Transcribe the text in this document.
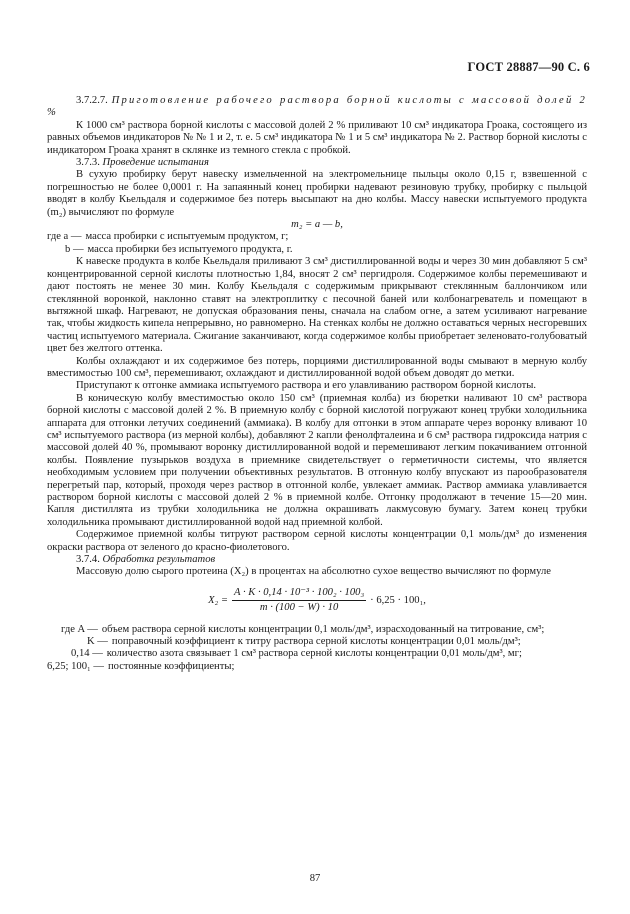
ГОСТ 28887—90 С. 6

3.7.2.7. Приготовление рабочего раствора борной кислоты с массовой долей 2 %

К 1000 см³ раствора борной кислоты с массовой долей 2 % приливают 10 см³ индикатора Гроака, состоящего из равных объемов индикаторов № № 1 и 2, т. е. 5 см³ индикатора № 1 и 5 см³ индикатора № 2. Раствор борной кислоты с индикатором Гроака хранят в склянке из темного стекла с пробкой.

3.7.3. Проведение испытания

В сухую пробирку берут навеску измельченной на электромельнице пыльцы около 0,15 г, взвешенной с погрешностью не более 0,0001 г. На запаянный конец пробирки надевают резиновую трубку, пробирку с пыльцой вводят в колбу Кьельдаля и содержимое без потерь высыпают на дно колбы. Массу навески испытуемого продукта (m₂) вычисляют по формуле

m₂ = a — b,

где a — масса пробирки с испытуемым продуктом, г;
b — масса пробирки без испытуемого продукта, г.

К навеске продукта в колбе Кьельдаля приливают 3 см³ дистиллированной воды и через 30 мин добавляют 5 см³ концентрированной серной кислоты плотностью 1,84, вносят 2 см³ пергидроля. Содержимое колбы перемешивают и дают постоять не менее 30 мин. Колбу Кьельдаля с содержимым прикрывают стеклянным баллончиком или стеклянной воронкой, наклонно ставят на электроплитку с песочной баней или колбонагреватель и помещают в вытяжной шкаф. Нагревают, не допуская образования пены, сначала на слабом огне, а затем усиливают нагревание так, чтобы жидкость кипела непрерывно, но равномерно. На стенках колбы не должно оставаться черных несгоревших частиц испытуемого материала. Сжигание заканчивают, когда содержимое колбы приобретает зеленовато-голубоватый цвет без желтого оттенка.

Колбы охлаждают и их содержимое без потерь, порциями дистиллированной воды смывают в мерную колбу вместимостью 100 см³, перемешивают, охлаждают и дистиллированной водой объем доводят до метки.

Приступают к отгонке аммиака испытуемого раствора и его улавливанию раствором борной кислоты.

В коническую колбу вместимостью около 150 см³ (приемная колба) из бюретки наливают 10 см³ раствора борной кислоты с массовой долей 2 %. В приемную колбу с борной кислотой погружают конец трубки холодильника аппарата для отгонки летучих соединений (аммиака). В колбу для отгонки в этом аппарате через воронку вливают 10 см³ испытуемого раствора (из мерной колбы), добавляют 2 капли фенолфталеина и 6 см³ раствора гидроксида натрия с массовой долей 40 %, промывают воронку дистиллированной водой и перемешивают легким покачиванием отгонной колбы. Появление пузырьков воздуха в приемнике свидетельствует о герметичности системы, что является необходимым условием при получении объективных результатов. В отгонную колбу впускают из парообразователя перегретый пар, который, проходя через раствор в отгонной колбе, увлекает аммиак. Раствор аммиака улавливается раствором борной кислоты с массовой долей 2 % в приемной колбе. Отгонку продолжают в течение 15—20 мин. Капля дистиллята из трубки холодильника не должна окрашивать лакмусовую бумагу. Затем конец трубки холодильника промывают дистиллированной водой над приемной колбой.

Содержимое приемной колбы титруют раствором серной кислоты концентрации 0,1 моль/дм³ до изменения окраски раствора от зеленого до красно-фиолетового.

3.7.4. Обработка результатов

Массовую долю сырого протеина (X₂) в процентах на абсолютно сухое вещество вычисляют по формуле

$X_2 = \frac{\text{A · K · 0,14 · 10⁻³ · 100₂ · 100₃}}{m \cdot (100 - W) \cdot 10} \cdot 6,25 \cdot 100_1$,
где A — объем раствора серной кислоты концентрации 0,1 моль/дм³, израсходованный на титрование, см³;
K — поправочный коэффициент к титру раствора серной кислоты концентрации 0,01 моль/дм³;
0,14 — количество азота связывает 1 см³ раствора серной кислоты концентрации 0,01 моль/дм³, мг;
6,25; 100₁ — постоянные коэффициенты;
87
